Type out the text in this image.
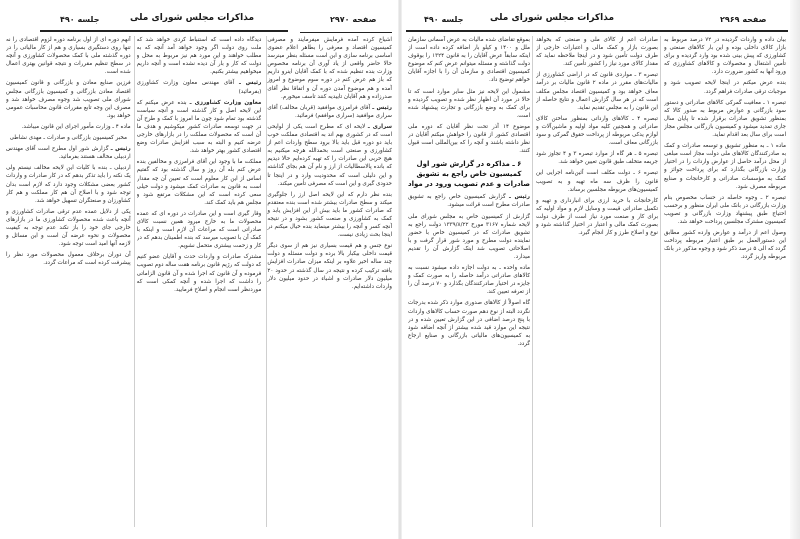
جلسه ۴۹۰	مذاکرات مجلس شورای ملی	صفحه ۲۹۷۰

اشیاع کرده آمده فرمایش میفرمایند و مصرفی کمیسیون اقتصاد و معرفی را بطاهر اعلام عضوی اساسی برنامه سازی و این است مسئله بنظر مینرسد حالا حاضر واقعی از یاد آوری آن برنامه مخصوص وزارت بنده تنظیم شده که با کمک آقایان اینرو داریم که باز هم عرض کنم در دوره سوم موضوع و امروز آمده و هم موضوع آمدن دوره آن و اتفاقا نظر آقای صدرزاده و هم آقایان تاییدیه کنند تاسف میخورم.

رئیس ـ آقای فرامرزی موافقید (قربان مخالف) آقای سراری موافقید (سراری موافقم) فرمائید.

سراری ـ لایحه ای که مطرح است یکی از لوایحی است که در کشوری بهم اند به اقتصادی مملکت خوب باید دو دوره قبل باید بالا برود سطح واردات اعم از کشاورزی و صنعتی است بحمدالله هرچه میکنیم به هیچ حربی این صادرات را که تهیه کرده‌ایم حالا دیدیم که بانده پالاسطالیات از ارز و نام آن هم بجای گذاشته و این دلیلی است که محدودیت وارد و در اینجا تا حدودی گیری و این است که مصرفی تأمین میکند.

بنده نظر دارم که این لایحه اصل ارز را جلوگیری میکند و سطح صادرات بیشتر شده است بنده معتقدم که صادرات کشور ما باید بیش از این افزایش یابد و کمک به کشاورزی و صنعت کشور بشود و در نتیجه آنچه کسر و آنچه را بیشتر مینماید بنده خیال میکنم در اینجا بحث زیادی نیست.

نوع جنس و هم قیمت بسیاری نیز هم از سوی دیگر قیمت داخلی بیکبار بالا برده و دولت مسئله و دولت چند ساله اخیر علاوه بر اینکه میزان صادرات افزایش یافته ترکیب کرده و نتیجه در سال گذشته در حدود ۲۰ میلیون دلار صادرات و اشیاء در حدود میلیون دلار واردات داشته‌ایم.

دیدگاه داده است که استنباط کردی خواهد شد که ملت روی دولت اگر وجود خواهد آمد آنچه که به مطلب خواهند و این مورد هم نیز مربوط به محل و دولت که کار و بار آن دیده نشده است و آنچه داریم میخواهیم بیشتر بکنیم.

رئیس ـ آقای مهندس معاون وزارت کشاورزی (بفرمائید)

معاون وزارت کشاورزی ـ بنده عرض میکنم که این لایحه اصل و کار گذشته است و آنچه سیاست گذشته بود تمام شود چون ما امروز با کمک و طرح آن در جهت توسعه صادرات کشور میکوشیم و هدف ما آن است که محصولات مملکت را در بازارهای خارجی عرضه کنیم و البته به سبب افزایش صادرات وضع اقتصادی کشور بهتر خواهد شد.

مملکت ما با وجود این آقای فرامرزی و مخالفین بنده عرض کنم بله آن روز و سال گذشته بود که گفتیم اساس از این کار معلوم است که تعیین آن چه مقدار است به قانون به صادرات کمک میشود و دولت خیلی سعی کرده است که این مشکلات مرتفع شود و مجلس هم باید کمک کند.

وقار گیری است و این صادرات در دوره ای که عمده محصولات ما به خارج میرود همین نسبت کالای صادراتی است که مراعات آن لازم است و اینکه با کمک آن با تصویب میرسد که بنده اطمینان بدهم که در کار و زحمت بیشتری متحمل نشویم.

مشترک صادرات و واردات حدت و آقایان عضو کنیم که دولت که رژیم قانون برنامه هفت ساله دوم تصویب فرموده و آن قانون که اجرا شده و آن قانون الزاماتی را داشت که اجرا شده و آنچه کمکی است که موردنظر است انجام و اصلاح فرمایید.

آنهم دوره ای از اول برنامه دوره لزوم اقتصادی را نه تنها روی دستگیری بسیاری و هم از کار مالیاتی را در دوره گذشته ملی با کمک محصولات کشاورزی و آنچه در سطح تنظیم مقررات و نتیجه قوانین بهتری اعمال شده است.

فرزین صنایع معادن و بازرگانی و قانون کمیسیون اقتصاد معادن بازرگانی و کمیسیون بازرگانی مجلس شورای ملی تصویب شد وجوه مصرف خواهد شد و مصرف این وجه تابع مقررات قانون محاسبات عمومی خواهد بود.

ماده ۴ ـ وزارت مأمور اجرای این قانون میباشد.

مخبر کمیسیون بازرگانی و صادرات ـ مهدی نشاطی

رئیس ـ گزارش شور اول مطرح است آقای مهندس اردبیلی مخالف هستند بفرمائید.

اردبیلی ـ بنده با کلیات این لایحه مخالف نیستم ولی یک نکته را باید تذکر بدهم که در کار صادرات و واردات کشور بعضی مشکلات وجود دارد که لازم است بدان توجه شود و با اصلاح آن هم کار مملکت و هم کار کشاورزان و صنعتگران تسهیل خواهد شد.

یکی از دلایل عمده عدم ترقی صادرات کشاورزی و آنچه باعث شده محصولات کشاورزی ما در بازارهای خارجی جای خود را باز نکند عدم توجه به کیفیت محصولات و نحوه عرضه آن است و این مسائل و لازمه آنها امید است توجه شود.

آن دوران برخلاف معمول محصولات مورد نظر را پیشرفت کرده است که مراعات گردد.

جلسه ۴۹۰	مذاکرات مجلس شورای ملی	صفحه ۲۹۶۹

بیان داده و واردات گردیده در ۷۲ درصد مربوط به بازار کالای داخلی بوده و این بار کالاهای صنعتی و کشاورزی که پیش بینی شده بود وارد گردیده و برای تأمین اشتغال و محصولات و کالاهای کشاورزی که ورود آنها به کشور ضرورت دارد.

بنده عرض میکنم در اینجا لایحه تصویب شود و موجبات ترقی صادرات فراهم گردد.

تبصره ۱ ـ معافیت گمرکی کالاهای صادراتی و دستور سود بازرگانی و عوارض مربوط به صدور کالا که بمنظور تشویق صادرات برقرار شده تا پایان سال جاری تمدید میشود و کمیسیون بازرگانی مجلس مجاز است برای سال بعد اقدام نماید.

ماده ۱ ـ به منظور تشویق و توسعه صادرات و کمک به صادرکنندگان کالاهای ملی دولت مجاز است مبلغی از محل درآمد حاصل از عوارض واردات را در اختیار وزارت بازرگانی بگذارد که برای پرداخت جوائز و کمک به مؤسسات صادراتی و کارخانجات و صنایع مربوطه مصرف شود.

تبصره ۲ ـ وجوه حاصله در حساب مخصوص بنام وزارت بازرگانی در بانک ملی ایران منظور و برحسب احتیاج طبق پیشنهاد وزارت بازرگانی و تصویب کمیسیون مشترک مجلسین پرداخت خواهد شد.

وصول اعم از درآمد و عوارض وارده کشور مطابق این دستورالعمل بر طبق اعتبار مربوطه پرداخت گردد که الی ۵ درصد ذکر شود و وجوه مذکور در بانک مربوطه واریز گردد.

صادرات اعم از کالای ملی و صنعتی که بخواهد بصورت بازار و کمک مالی و اعتبارات خارجی از طرف دولت تأمین شود و در اینجا ملاحظه نماید که مقدار کالای مورد نیاز را کشور تأمین کند.

تبصره ۳ ـ مواردی قانون که در اراضی کشاورزی از مالیات‌های مقرر در ماده ۲ قانون مالیات بر درآمد معاف خواهد بود و کمیسیون اقتصاد مجلس مکلف است که در هر سال گزارش اعمال و نتایج حاصله از این قانون را به مجلس تقدیم نماید.

تبصره ۴ ـ کالاهای وارداتی بمنظور ساختن کالای صادراتی و همچنین کلیه مواد اولیه و ماشین‌آلات و لوازم یدکی مربوطه از پرداخت حقوق گمرکی و سود بازرگانی معاف است.

تبصره ۵ ـ هر گاه از موارد تبصره ۳ و ۴ تجاوز شود جریمه متخلف طبق قانون تعیین خواهد شد.

تبصره ۶ ـ دولت مکلف است آئین‌نامه اجرایی این قانون را ظرف سه ماه تهیه و به تصویب کمیسیون‌های مربوطه مجلسین برساند.

کارخانجات با خرید ارزی برای انبارداری و تهیه و تکمیل صادراتی قیمت و وسایل لازم و مواد اولیه که برای کار و صنعت مورد نیاز است از طرف دولت بصورت کمک مالی و اعتبار در اختیار گذاشته شود و نوع و اصلاح طرز و کار انجام گیرد.

بموقع تقاضای شده مالیات به عرض آسمانی سازمان ملل و ۱۴۰۰ و کیلو بار اضافه کرده داده است از اینکه سابقاً عرض آقایان را به قانون ۱۳۲۴ را بوقوف دولت گذاشته و مسئله میتوانم عرض کنم که موضوع کمیسیون اقتصادی و سازمان آن را با اجازه آقایان خواهم توضیح داد.

مشمول این لایحه نیز مثل سایر موارد است که تا حالا در مورد آن اظهار نظر شده و تصویب گردیده و برای کمک به وضع بازرگانی و تجارت پیشنهاد شده است.

موضوع ۱۴ آذر تحت نظر آقایان که دوره ملی اقتصادی کشور از قانون را خواهش میکنم آقایان در نظر داشته باشند و آنچه را که بین‌المللی است قبول کنند.

۶ ـ مذاکره در گزارش شور اول کمیسیون خاص راجع به تشویق صادرات و عدم تصویب ورود در مواد

رئیس ـ گزارش کمیسیون خاص راجع به تشویق صادرات مطرح است قرائت میشود.

گزارش از کمیسیون خاص به مجلس شورای ملی لایحه شماره ۳۱۶۷ مورخ ۱۳۳۹/۸/۲۲ دولت راجع به تشویق صادرات که در کمیسیون خاص با حضور نماینده دولت مطرح و مورد شور قرار گرفت و با اصلاحاتی تصویب شد اینک گزارش آن را تقدیم میدارد.

ماده واحده ـ به دولت اجازه داده میشود نسبت به کالاهای صادراتی درآمد حاصله را به صورت کمک و جایزه در اختیار صادرکنندگان بگذارد و ۷۰ درصد آن را از تعرفه تعیین کند.

گاه اصولاً از کالاهای صدوری موارد ذکر شده بدرجات نگردد البته از نوع دهم صورت حساب کالاهای واردات با پنج درصد اضافی در این گزارش تعیین شده و در نتیجه این موارد قید شده بیشتر از آنچه اضافه شود به کمیسیون‌های مالیاتی بازرگانی و صنایع ارجاع گردد.
